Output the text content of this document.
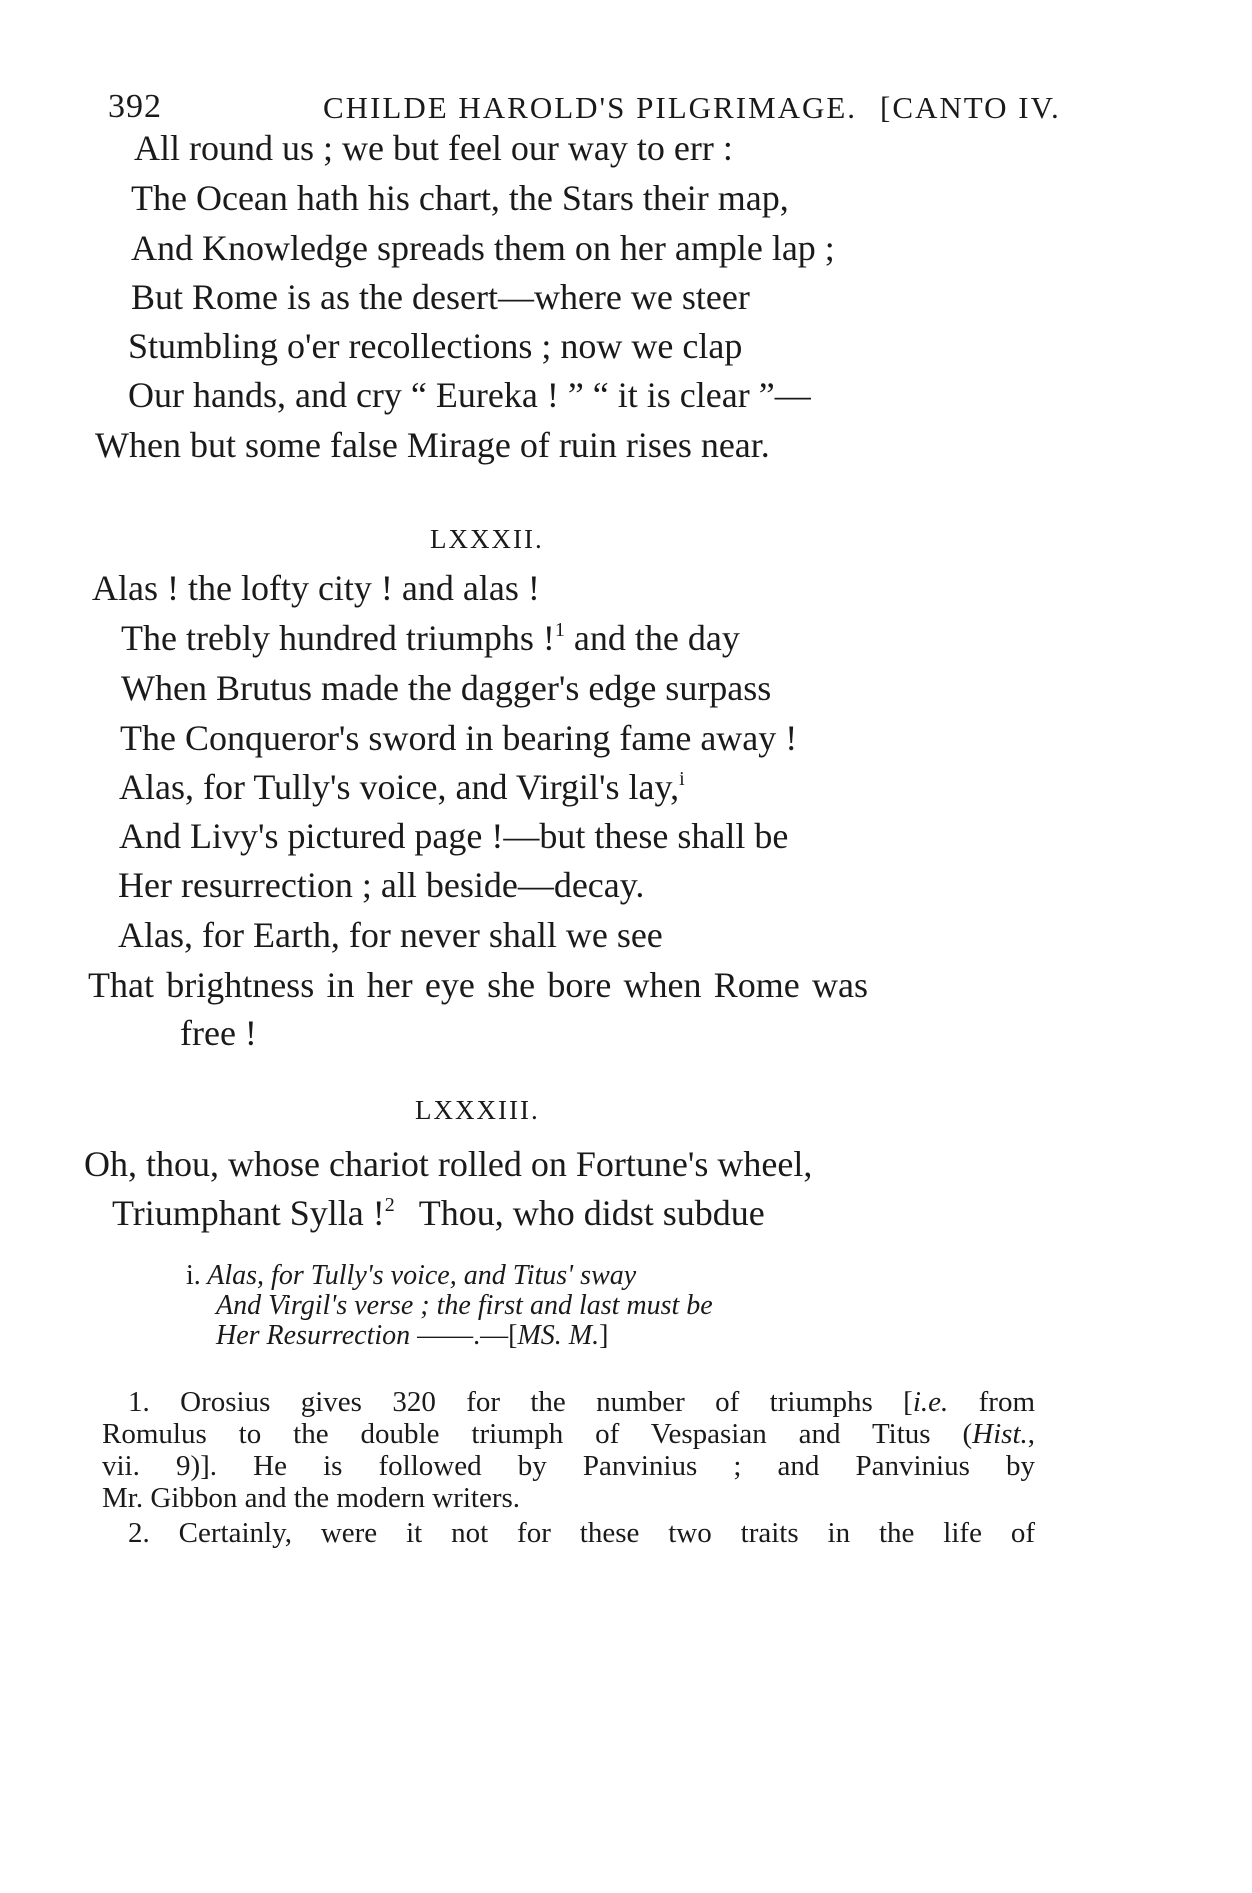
392	CHILDE HAROLD'S PILGRIMAGE. [CANTO IV.
All round us ; we but feel our way to err :
The Ocean hath his chart, the Stars their map,
And Knowledge spreads them on her ample lap ;
But Rome is as the desert—where we steer
Stumbling o'er recollections ; now we clap
Our hands, and cry “ Eureka ! ” “ it is clear ”—
When but some false Mirage of ruin rises near.
LXXXII.
Alas ! the lofty city ! and alas !
The trebly hundred triumphs !$^1$ and the day
When Brutus made the dagger's edge surpass
The Conqueror's sword in bearing fame away !
Alas, for Tully's voice, and Virgil's lay,$^i$
And Livy's pictured page !—but these shall be
Her resurrection ; all beside—decay.
Alas, for Earth, for never shall we see
That brightness in her eye she bore when Rome was
free !
LXXXIII.
Oh, thou, whose chariot rolled on Fortune's wheel,
Triumphant Sylla !$^2$ Thou, who didst subdue
i. Alas, for Tully's voice, and Titus' sway
And Virgil's verse ; the first and last must be
Her Resurrection ——.—[MS. M.]
1. Orosius gives 320 for the number of triumphs [i.e. from
Romulus to the double triumph of Vespasian and Titus (Hist.,
vii. 9)]. He is followed by Panvinius ; and Panvinius by
Mr. Gibbon and the modern writers.
2. Certainly, were it not for these two traits in the life of
